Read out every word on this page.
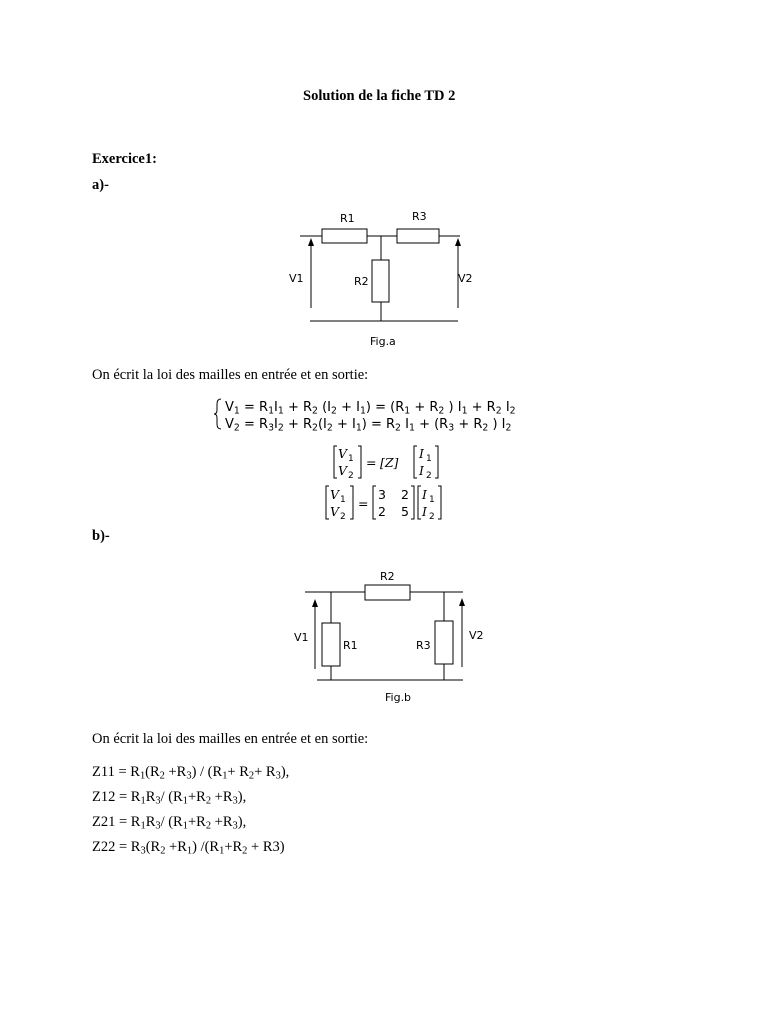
Solution de la fiche TD 2
Exercice1:
a)-
R1	R3
R2
V1	V2
Fig.a
On écrit la loi des mailles en entrée et en sortie:
$V_1 = R_1I_1 + R_2$ $(I_2 + I_1) = (R_1 + R_2$ ) $I_1 + R_2$ $I_2$
$V_2 = R_3I_2 + R_2(I_2 + I_1) = R_2$ $I_1 + (R_3 + R_2$ ) $I_2$
V 1
V 2
= [Z]
I 1
I 2
V 1
V 2
=
3 2
2 5
I 1
I 2
b)-
R2
R1	R3
V1	V2
Fig.b
On écrit la loi des mailles en entrée et en sortie:
$Z11 = R_1(R_2 +R_3) / (R_1+ R_2+ R_3)$,
$Z12 = R_1R_3/$ $(R_1+R_2 +R_3)$,
$Z21 = R_1R_3/$ $(R_1+R_2 +R_3)$,
$Z22 = R_3(R_2 +R_1) /(R_1+R_2 + R3)$
